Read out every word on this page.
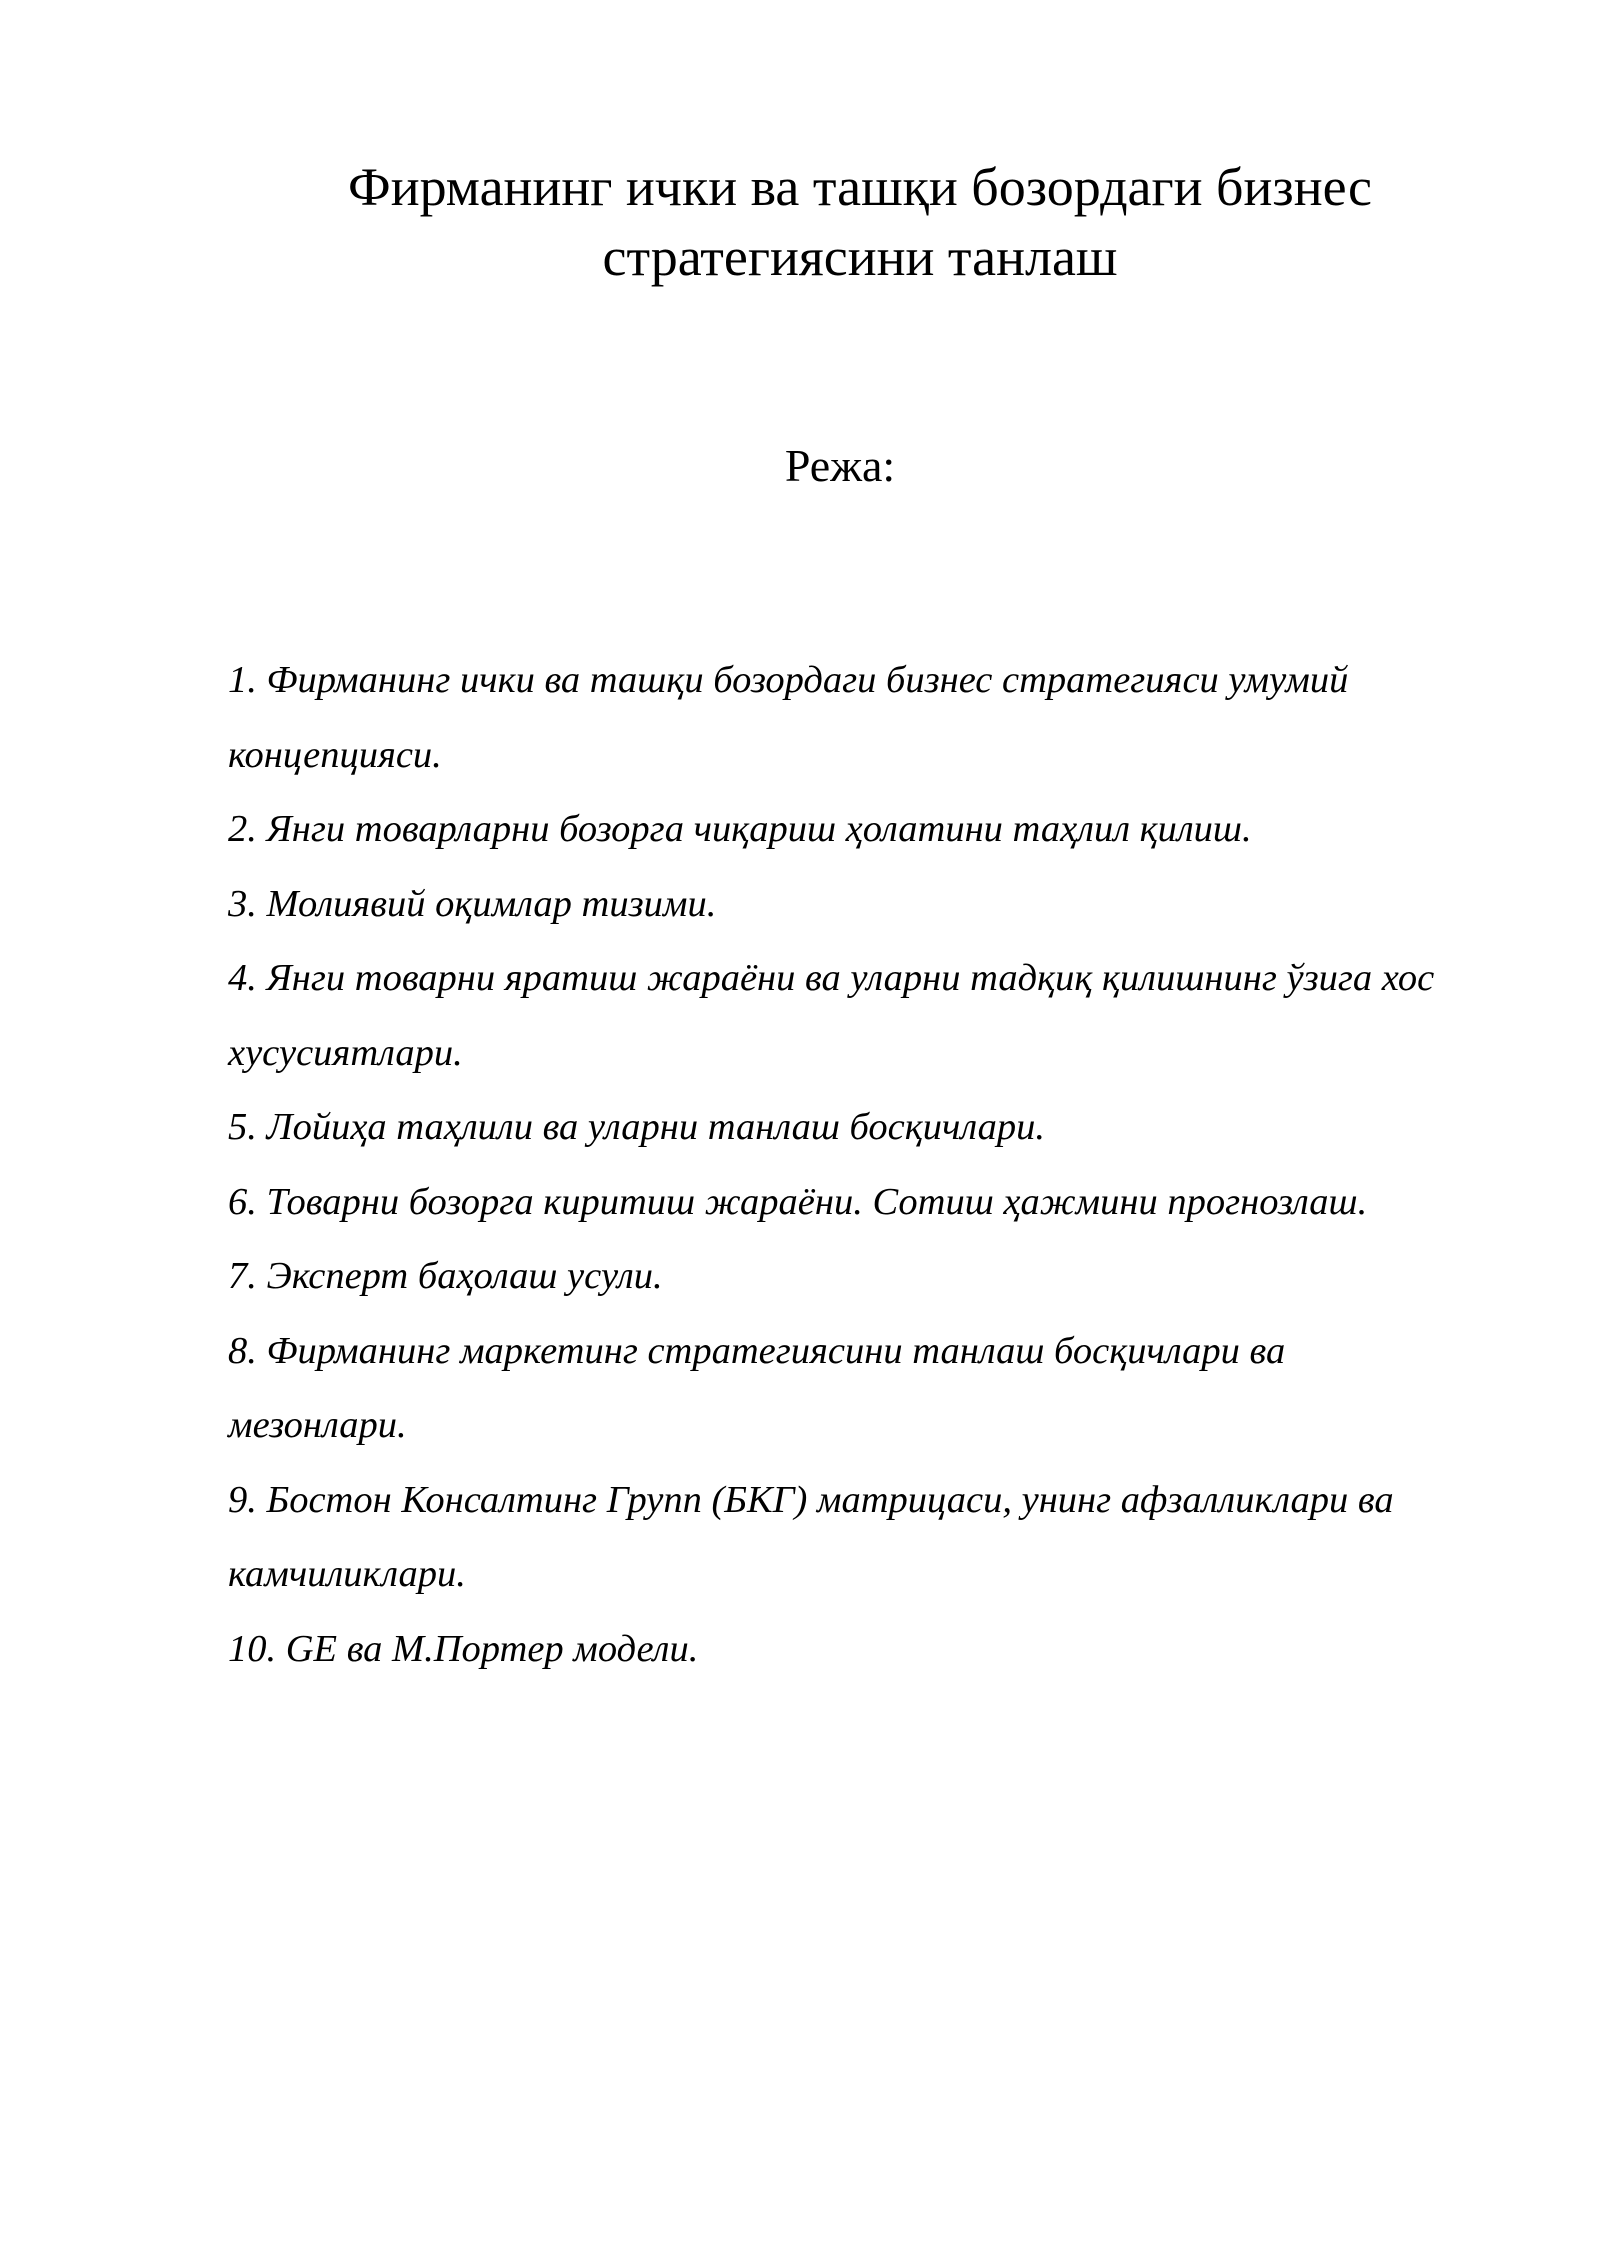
Фирманинг ички ва ташқи бозордаги бизнес стратегиясини танлаш

Режа:

1. Фирманинг ички ва ташқи бозордаги бизнес стратегияси умумий концепцияси.
2. Янги товарларни бозорга чиқариш ҳолатини таҳлил қилиш.
3. Молиявий оқимлар тизими.
4. Янги товарни яратиш жараёни ва уларни тадқиқ қилишнинг ўзига хос хусусиятлари.
5. Лойиҳа таҳлили ва уларни танлаш босқичлари.
6. Товарни бозорга киритиш жараёни. Сотиш ҳажмини прогнозлаш.
7. Эксперт баҳолаш усули.
8. Фирманинг маркетинг стратегиясини танлаш босқичлари ва мезонлари.
9. Бостон Консалтинг Групп (БКГ) матрицаси, унинг афзалликлари ва камчиликлари.
10. GE ва М.Портер модели.
